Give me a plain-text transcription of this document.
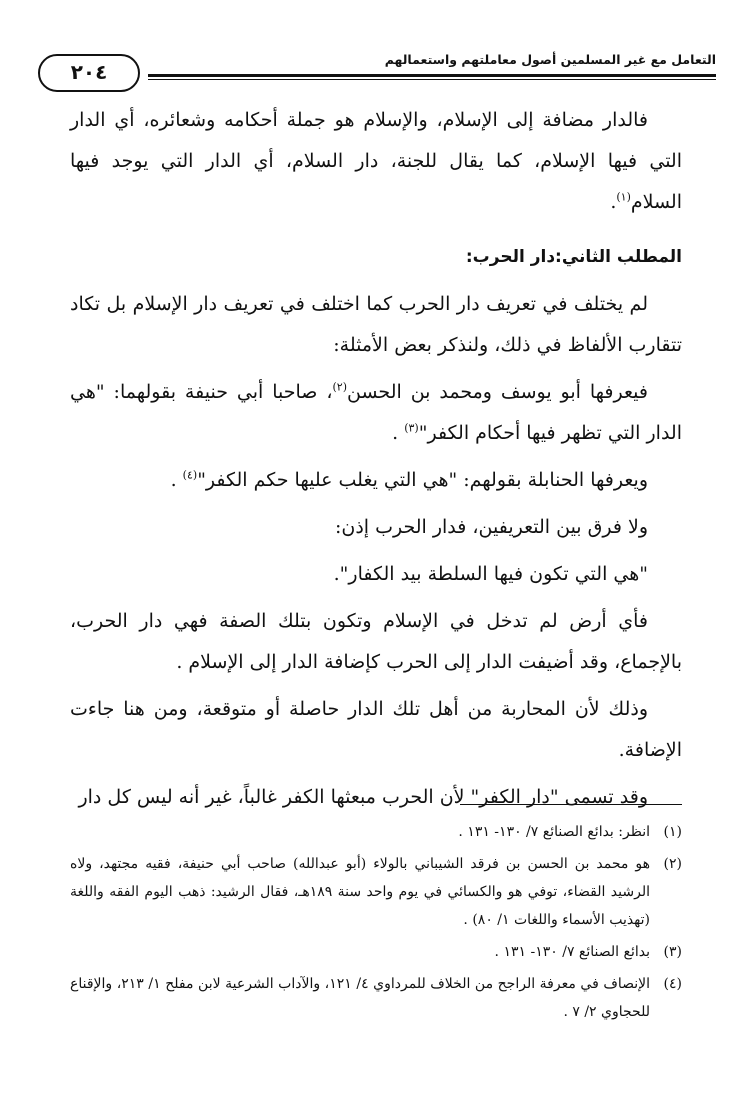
التعامل مع غير المسلمين أصول معاملتهم واستعمالهم
٢٠٤

فالدار مضافة إلى الإسلام، والإسلام هو جملة أحكامه وشعائره، أي الدار التي فيها الإسلام، كما يقال للجنة، دار السلام، أي الدار التي يوجد فيها السلام$^{(١)}$.

المطلب الثاني:دار الحرب:

لم يختلف في تعريف دار الحرب كما اختلف في تعريف دار الإسلام بل تكاد تتقارب الألفاظ في ذلك، ولنذكر بعض الأمثلة:

فيعرفها أبو يوسف ومحمد بن الحسن$^{(٢)}$، صاحبا أبي حنيفة بقولهما: "هي الدار التي تظهر فيها أحكام الكفر"$^{(٣)}$ .

ويعرفها الحنابلة بقولهم: "هي التي يغلب عليها حكم الكفر"$^{(٤)}$ .

ولا فرق بين التعريفين، فدار الحرب إذن:

"هي التي تكون فيها السلطة بيد الكفار".

فأي أرض لم تدخل في الإسلام وتكون بتلك الصفة فهي دار الحرب، بالإجماع، وقد أضيفت الدار إلى الحرب كإضافة الدار إلى الإسلام .

وذلك لأن المحاربة من أهل تلك الدار حاصلة أو متوقعة، ومن هنا جاءت الإضافة.

وقد تسمى "دار الكفر" لأن الحرب مبعثها الكفر غالباً، غير أنه ليس كل دار

(١)
انظر: بدائع الصنائع ٧/ ١٣٠- ١٣١ .
(٢)
هو محمد بن الحسن بن فرقد الشيباني بالولاء (أبو عبدالله) صاحب أبي حنيفة، فقيه مجتهد، ولاه الرشيد القضاء، توفي هو والكسائي في يوم واحد سنة ١٨٩هـ، فقال الرشيد: ذهب اليوم الفقه واللغة (تهذيب الأسماء واللغات ١/ ٨٠) .
(٣)
بدائع الصنائع ٧/ ١٣٠- ١٣١ .
(٤)
الإنصاف في معرفة الراجح من الخلاف للمرداوي ٤/ ١٢١، والآداب الشرعية لابن مفلح ١/ ٢١٣، والإقناع للحجاوي ٢/ ٧ .
